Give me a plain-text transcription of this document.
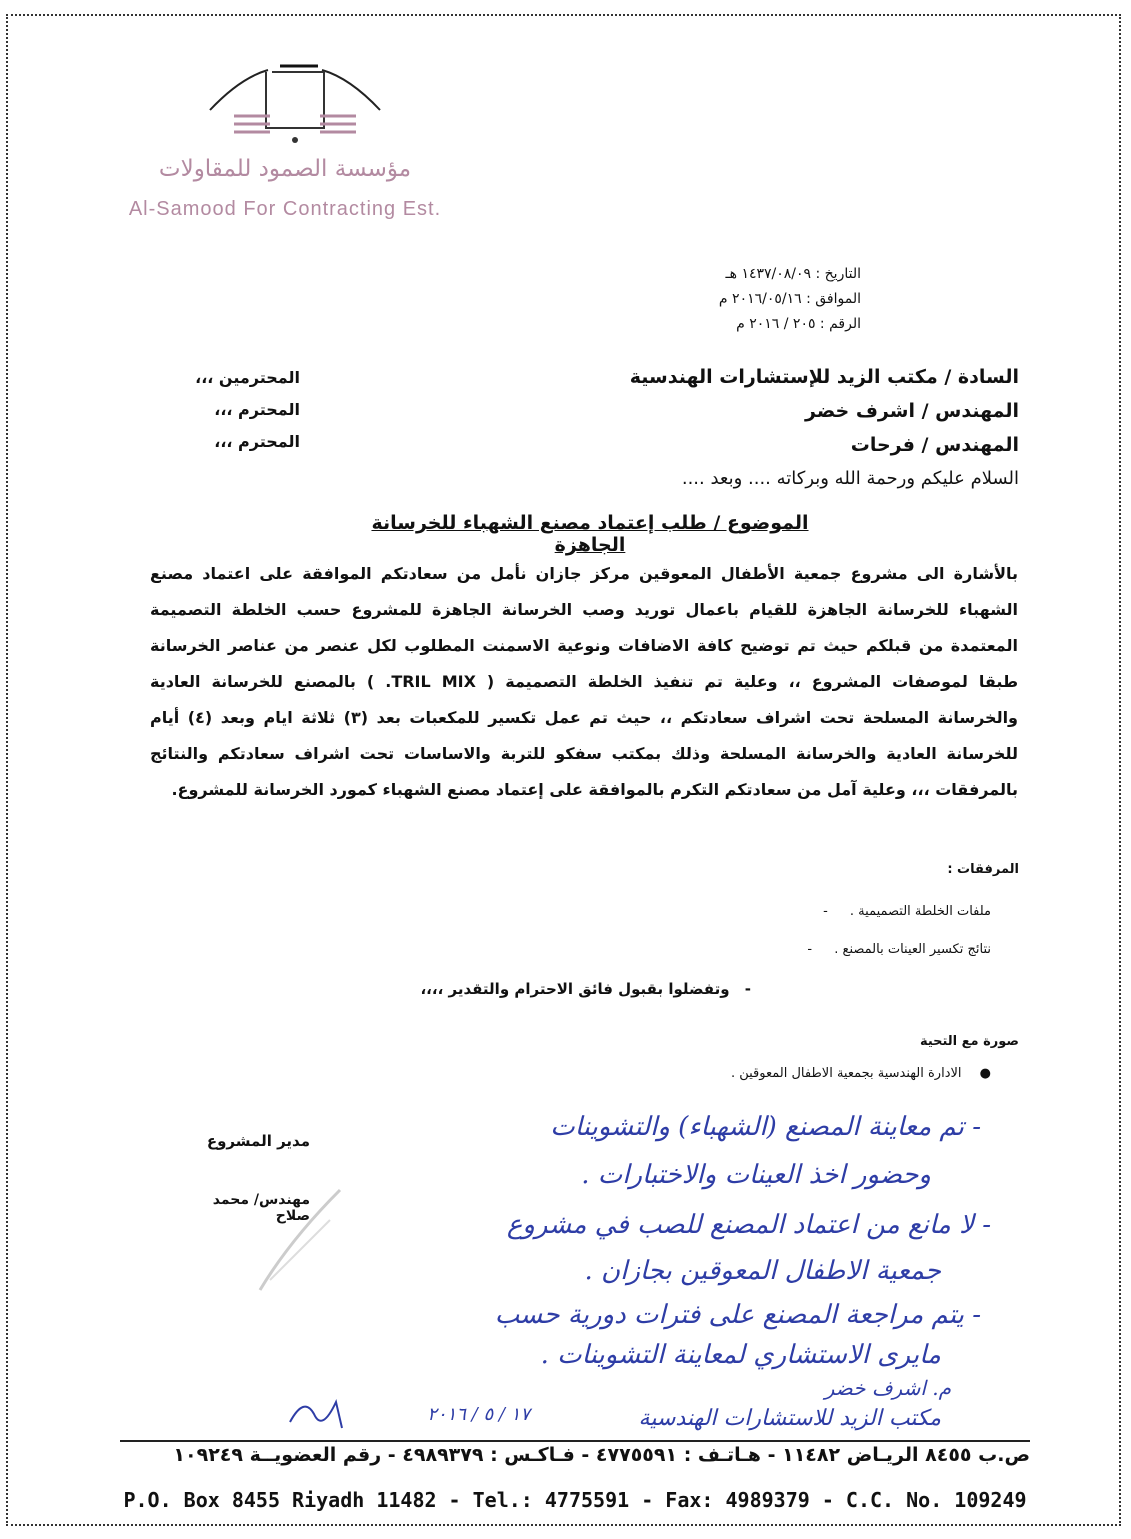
مؤسسة الصمود للمقاولات
Al-Samood For Contracting Est.
التاريخ : ١٤٣٧/٠٨/٠٩ هـ
الموافق : ٢٠١٦/٠٥/١٦ م
الرقم : ٢٠٥ / ٢٠١٦ م
السادة / مكتب الزيد للإستشارات الهندسية
المحترمين ،،،
المهندس / اشرف خضر
المحترم ،،،
المهندس / فرحات
المحترم ،،،
السلام عليكم ورحمة الله وبركاته .... وبعد ....
الموضوع / طلب إعتماد مصنع الشهباء للخرسانة الجاهزة
بالأشارة الى مشروع جمعية الأطفال المعوقين مركز جازان نأمل من سعادتكم الموافقة على اعتماد مصنع الشهباء للخرسانة الجاهزة للقيام باعمال توريد وصب الخرسانة الجاهزة للمشروع حسب الخلطة التصميمة المعتمدة من قبلكم حيث تم توضيح كافة الاضافات ونوعية الاسمنت المطلوب لكل عنصر من عناصر الخرسانة طبقا لموصفات المشروع ،، وعلية تم تنفيذ الخلطة التصميمة ( TRIL MIX. ) بالمصنع للخرسانة العادية والخرسانة المسلحة تحت اشراف سعادتكم ،، حيث تم عمل تكسير للمكعبات بعد (٣) ثلاثة ايام وبعد (٤) أيام للخرسانة العادية والخرسانة المسلحة وذلك بمكتب سفكو للتربة والاساسات تحت اشراف سعادتكم والنتائج بالمرفقات ،،، وعلية آمل من سعادتكم التكرم بالموافقة على إعتماد مصنع الشهباء كمورد الخرسانة للمشروع.
المرفقات :
ملفات الخلطة التصميمية . -
نتائج تكسير العينات بالمصنع . -
- وتفضلوا بقبول فائق الاحترام والتقدير ،،،،
صورة مع التحية
● الادارة الهندسية بجمعية الاطفال المعوقين .
مدير المشروع
مهندس/ محمد صلاح
- تم معاينة المصنع (الشهباء) والتشوينات
وحضور اخذ العينات والاختبارات .
- لا مانع من اعتماد المصنع للصب في مشروع
جمعية الاطفال المعوقين بجازان .
- يتم مراجعة المصنع على فترات دورية حسب
مايرى الاستشاري لمعاينة التشوينات .
م. اشرف خضر
مكتب الزيد للاستشارات الهندسية
١٧ / ٥ / ٢٠١٦
ص.ب ٨٤٥٥ الريـاض ١١٤٨٢ - هـاتـف : ٤٧٧٥٥٩١ - فـاكـس : ٤٩٨٩٣٧٩ - رقم العضويــة ١٠٩٢٤٩
P.O. Box 8455 Riyadh 11482 - Tel.: 4775591 - Fax: 4989379 - C.C. No. 109249
